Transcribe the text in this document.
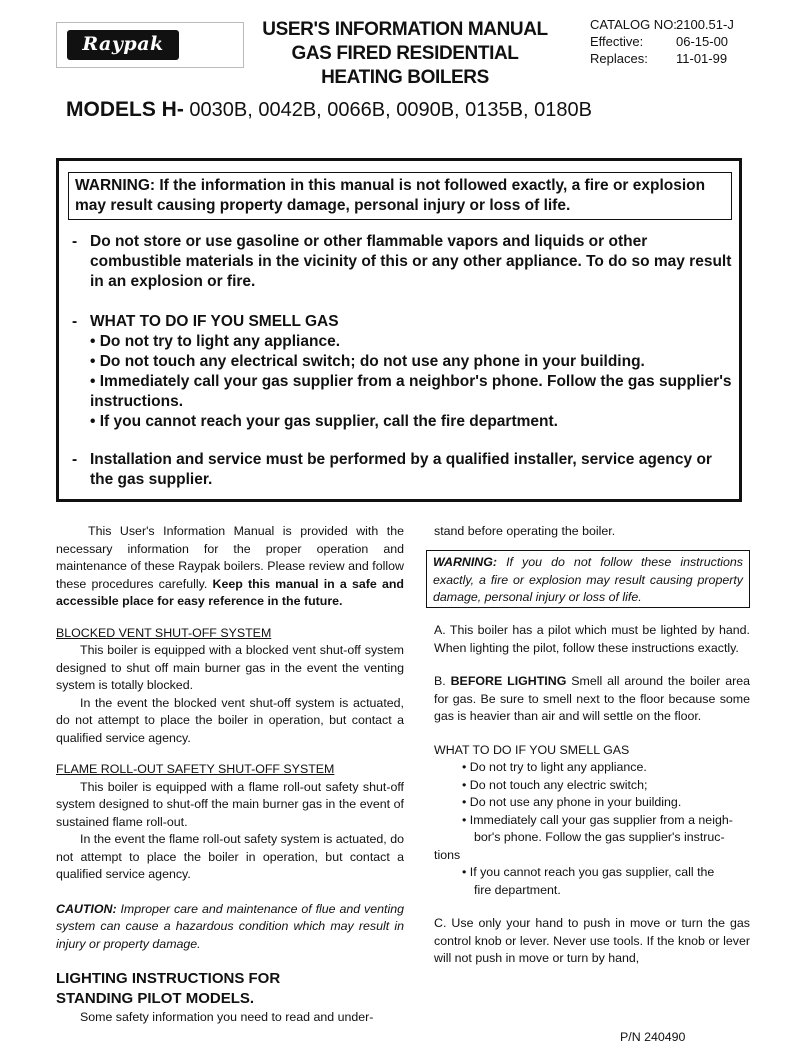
Raypak
USER'S INFORMATION MANUAL
GAS FIRED RESIDENTIAL
HEATING BOILERS
CATALOG NO:2100.51-J
Effective:	06-15-00
Replaces: 11-01-99
MODELS H- 0030B, 0042B, 0066B, 0090B, 0135B, 0180B
WARNING: If the information in this manual is not followed exactly, a fire or explosion may result causing property damage, personal injury or loss of life.
- Do not store or use gasoline or other flammable vapors and liquids or other combustible materials in the vicinity of this or any other appliance. To do so may result in an explosion or fire.
- WHAT TO DO IF YOU SMELL GAS
• Do not try to light any appliance.
• Do not touch any electrical switch; do not use any phone in your building.
• Immediately call your gas supplier from a neighbor's phone. Follow the gas supplier's instructions.
• If you cannot reach your gas supplier, call the fire department.
- Installation and service must be performed by a qualified installer, service agency or the gas supplier.

This User's Information Manual is provided with the necessary information for the proper operation and maintenance of these Raypak boilers. Please review and follow these procedures carefully. Keep this manual in a safe and accessible place for easy reference in the future.

BLOCKED VENT SHUT-OFF SYSTEM

This boiler is equipped with a blocked vent shut-off system designed to shut off main burner gas in the event the venting system is totally blocked.

In the event the blocked vent shut-off system is actuated, do not attempt to place the boiler in operation, but contact a qualified service agency.

FLAME ROLL-OUT SAFETY SHUT-OFF SYSTEM

This boiler is equipped with a flame roll-out safety shut-off system designed to shut-off the main burner gas in the event of sustained flame roll-out.

In the event the flame roll-out safety system is actuated, do not attempt to place the boiler in operation, but contact a qualified service agency.

CAUTION: Improper care and maintenance of flue and venting system can cause a hazardous condition which may result in injury or property damage.

LIGHTING INSTRUCTIONS FOR
STANDING PILOT MODELS.

Some safety information you need to read and under-

stand before operating the boiler.
WARNING: If you do not follow these instructions exactly, a fire or explosion may result causing property damage, personal injury or loss of life.

A. This boiler has a pilot which must be lighted by hand. When lighting the pilot, follow these instructions exactly.

B. BEFORE LIGHTING Smell all around the boiler area for gas. Be sure to smell next to the floor because some gas is heavier than air and will settle on the floor.

WHAT TO DO IF YOU SMELL GAS
• Do not try to light any appliance.
• Do not touch any electric switch;
• Do not use any phone in your building.
• Immediately call your gas supplier from a neigh-
bor's phone. Follow the gas supplier's instruc-
tions
• If you cannot reach you gas supplier, call the
fire department.

C. Use only your hand to push in move or turn the gas control knob or lever. Never use tools. If the knob or lever will not push in move or turn by hand,

P/N 240490
